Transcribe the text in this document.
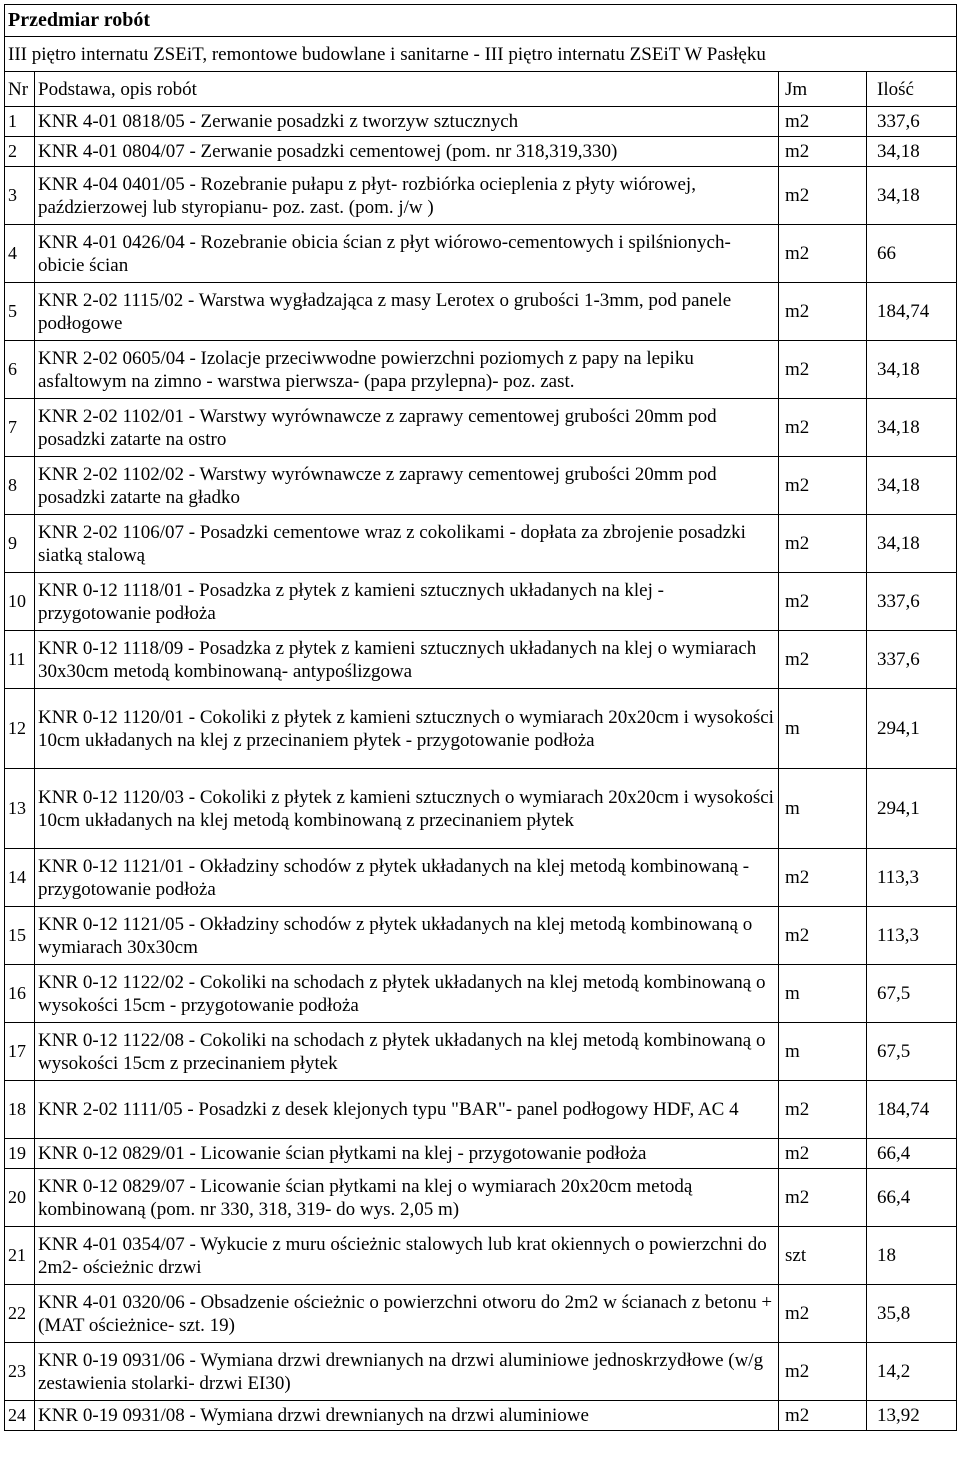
Przedmiar robót			
III piętro internatu ZSEiT, remontowe budowlane i sanitarne - III piętro internatu ZSEiT W Pasłęku			
Nr	Podstawa, opis robót	Jm	Ilość
1	KNR 4-01 0818/05 - Zerwanie posadzki z tworzyw sztucznych	m2	337,6
2	KNR 4-01 0804/07 - Zerwanie posadzki cementowej (pom. nr 318,319,330)	m2	34,18
3	KNR 4-04 0401/05 - Rozebranie pułapu z płyt- rozbiórka ocieplenia z płyty wiórowej, paździerzowej lub styropianu- poz. zast. (pom. j/w )	m2	34,18
4	KNR 4-01 0426/04 - Rozebranie obicia ścian z płyt wiórowo-cementowych i spilśnionych- obicie ścian	m2	66
5	KNR 2-02 1115/02 - Warstwa wygładzająca z masy Lerotex o grubości 1-3mm, pod panele podłogowe	m2	184,74
6	KNR 2-02 0605/04 - Izolacje przeciwwodne powierzchni poziomych z papy na lepiku asfaltowym na zimno - warstwa pierwsza- (papa przylepna)- poz. zast.	m2	34,18
7	KNR 2-02 1102/01 - Warstwy wyrównawcze z zaprawy cementowej grubości 20mm pod posadzki zatarte na ostro	m2	34,18
8	KNR 2-02 1102/02 - Warstwy wyrównawcze z zaprawy cementowej grubości 20mm pod posadzki zatarte na gładko	m2	34,18
9	KNR 2-02 1106/07 - Posadzki cementowe wraz z cokolikami - dopłata za zbrojenie posadzki siatką stalową	m2	34,18
10	KNR 0-12 1118/01 - Posadzka z płytek z kamieni sztucznych układanych na klej - przygotowanie podłoża	m2	337,6
11	KNR 0-12 1118/09 - Posadzka z płytek z kamieni sztucznych układanych na klej o wymiarach 30x30cm metodą kombinowaną- antypoślizgowa	m2	337,6
12	KNR 0-12 1120/01 - Cokoliki z płytek z kamieni sztucznych o wymiarach 20x20cm i wysokości 10cm układanych na klej z przecinaniem płytek - przygotowanie podłoża	m	294,1
13	KNR 0-12 1120/03 - Cokoliki z płytek z kamieni sztucznych o wymiarach 20x20cm i wysokości 10cm układanych na klej metodą kombinowaną z przecinaniem płytek	m	294,1
14	KNR 0-12 1121/01 - Okładziny schodów z płytek układanych na klej metodą kombinowaną - przygotowanie podłoża	m2	113,3
15	KNR 0-12 1121/05 - Okładziny schodów z płytek układanych na klej metodą kombinowaną o wymiarach 30x30cm	m2	113,3
16	KNR 0-12 1122/02 - Cokoliki na schodach z płytek układanych na klej metodą kombinowaną o wysokości 15cm - przygotowanie podłoża	m	67,5
17	KNR 0-12 1122/08 - Cokoliki na schodach z płytek układanych na klej metodą kombinowaną o wysokości 15cm z przecinaniem płytek	m	67,5
18	KNR 2-02 1111/05 - Posadzki z desek klejonych typu "BAR"- panel podłogowy HDF, AC 4	m2	184,74
19	KNR 0-12 0829/01 - Licowanie ścian płytkami na klej - przygotowanie podłoża	m2	66,4
20	KNR 0-12 0829/07 - Licowanie ścian płytkami na klej o wymiarach 20x20cm metodą kombinowaną (pom. nr 330, 318, 319- do wys. 2,05 m)	m2	66,4
21	KNR 4-01 0354/07 - Wykucie z muru ościeżnic stalowych lub krat okiennych o powierzchni do 2m2- ościeżnic drzwi	szt	18
22	KNR 4-01 0320/06 - Obsadzenie ościeżnic o powierzchni otworu do 2m2 w ścianach z betonu + (MAT ościeżnice- szt. 19)	m2	35,8
23	KNR 0-19 0931/06 - Wymiana drzwi drewnianych na drzwi aluminiowe jednoskrzydłowe (w/g zestawienia stolarki- drzwi EI30)	m2	14,2
24	KNR 0-19 0931/08 - Wymiana drzwi drewnianych na drzwi aluminiowe	m2	13,92
